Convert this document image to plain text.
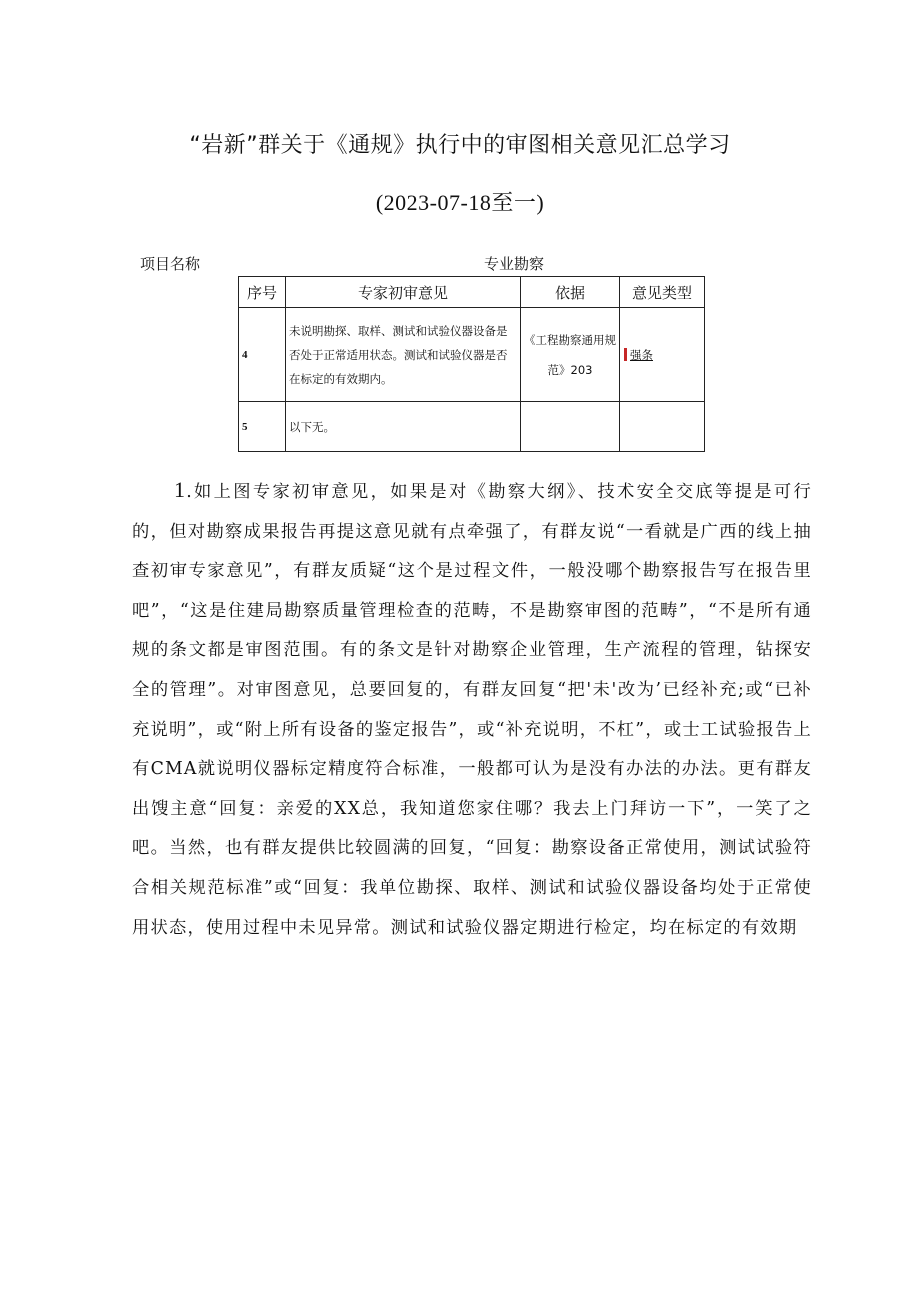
“岩新”群关于《通规》执行中的审图相关意见汇总学习
(2023-07-18至一)
项目名称	专业勘察
序号	专家初审意见	依据	意见类型
4	未说明勘探、取样、测试和试验仪器设备是否处于正常适用状态。测试和试验仪器是否在标定的有效期内。	《工程勘察通用规范》203	强条
5	以下无。		

1.如上图专家初审意见，如果是对《勘察大纲》、技术安全交底等提是可行的，但对勘察成果报告再提这意见就有点牵强了，有群友说“一看就是广西的线上抽查初审专家意见”，有群友质疑“这个是过程文件，一般没哪个勘察报告写在报告里吧”，“这是住建局勘察质量管理检查的范畴，不是勘察审图的范畴”，“不是所有通规的条文都是审图范围。有的条文是针对勘察企业管理，生产流程的管理，钻探安全的管理”。对审图意见，总要回复的，有群友回复“把'未'改为’已经补充;或“已补充说明”，或“附上所有设备的鉴定报告”，或“补充说明，不杠”，或士工试验报告上有CMA就说明仪器标定精度符合标准，一般都可认为是没有办法的办法。更有群友出馊主意“回复：亲爱的XX总，我知道您家住哪？我去上门拜访一下”，一笑了之吧。当然，也有群友提供比较圆满的回复，“回复：勘察设备正常使用，测试试验符合相关规范标准”或“回复：我单位勘探、取样、测试和试验仪器设备均处于正常使用状态，使用过程中未见异常。测试和试验仪器定期进行检定，均在标定的有效期
